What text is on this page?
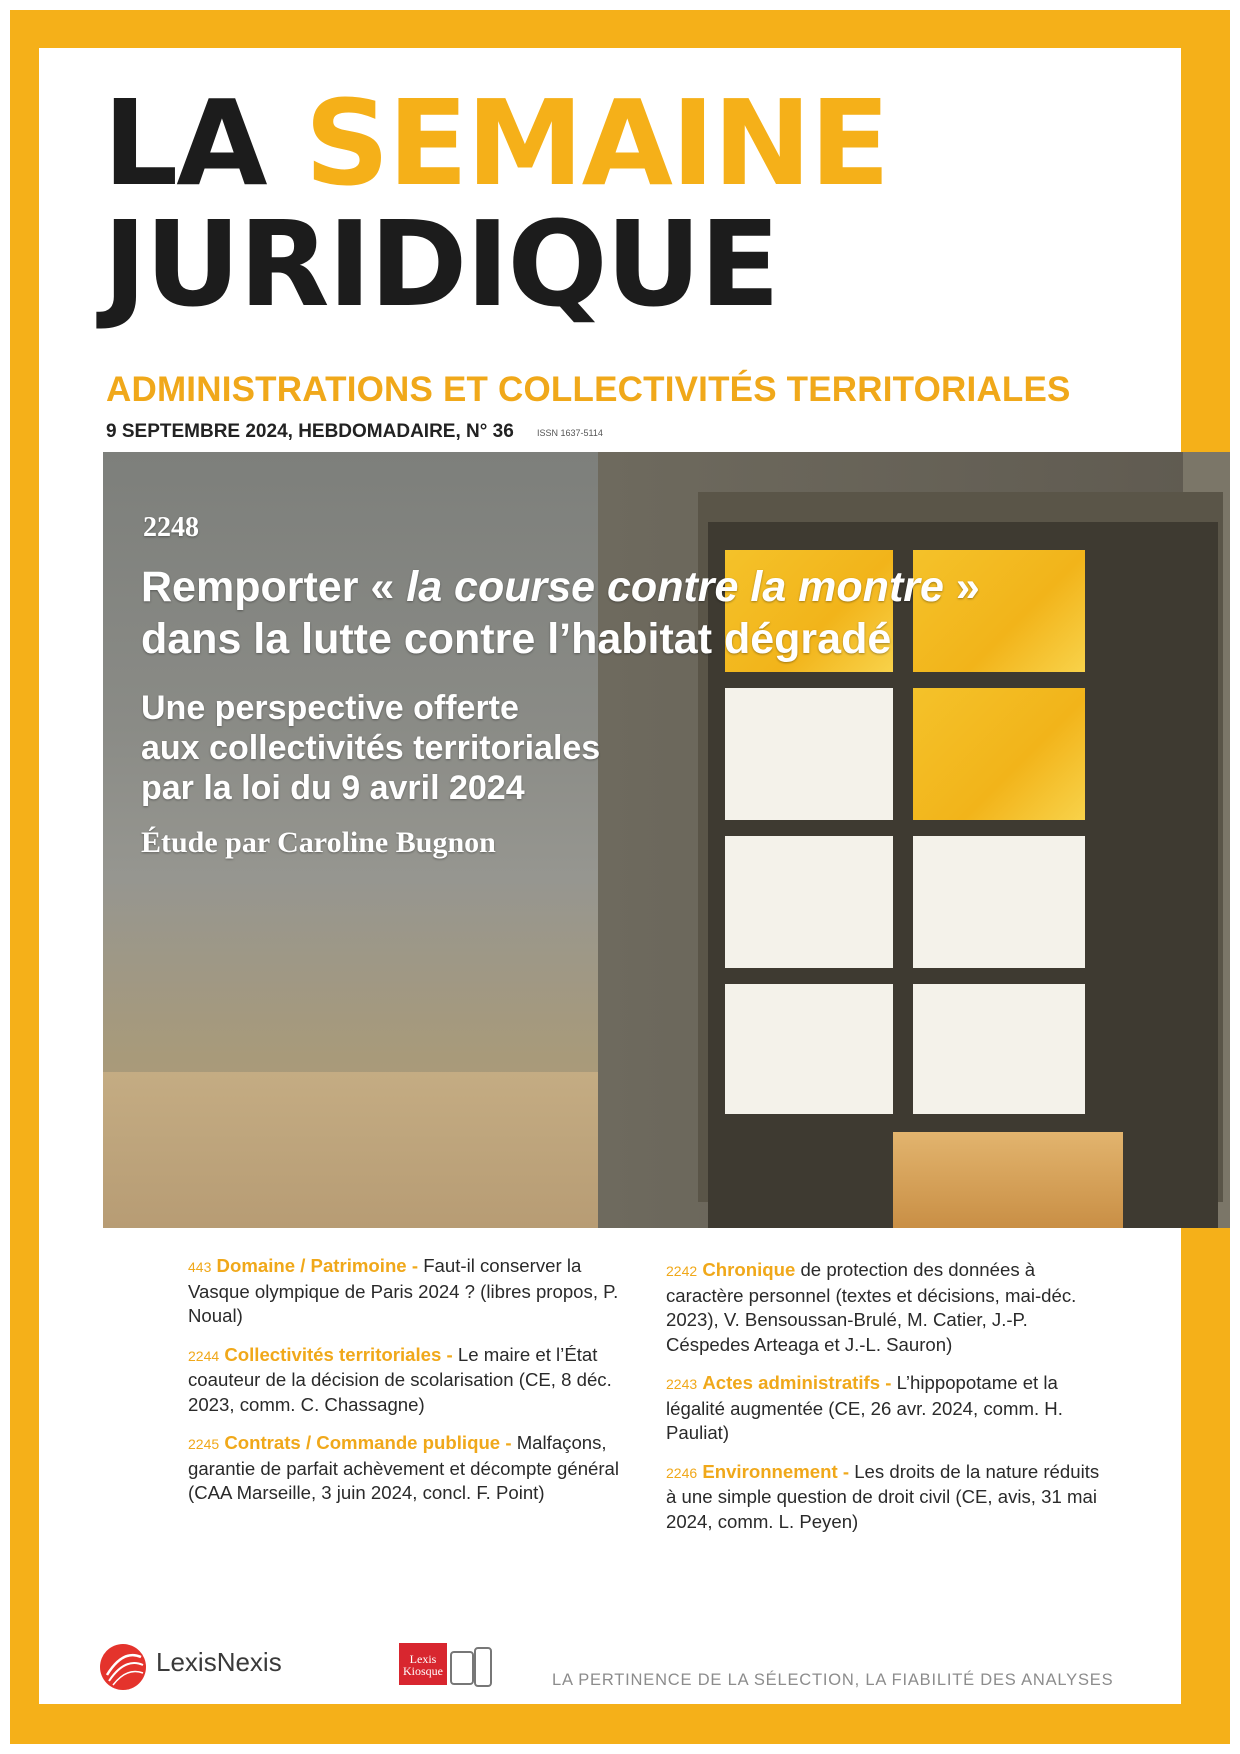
LA SEMAINE
JURIDIQUE
ADMINISTRATIONS ET COLLECTIVITÉS TERRITORIALES
9 SEPTEMBRE 2024, HEBDOMADAIRE, N° 36	ISSN 1637-5114
2248
Remporter « la course contre la montre »
dans la lutte contre l’habitat dégradé
Une perspective offerte
aux collectivités territoriales
par la loi du 9 avril 2024
Étude par Caroline Bugnon
443 Domaine / Patrimoine - Faut-il conserver la Vasque olympique de Paris 2024 ? (libres propos, P. Noual)
2244 Collectivités territoriales - Le maire et l’État coauteur de la décision de scolarisation (CE, 8 déc. 2023, comm. C. Chassagne)
2245 Contrats / Commande publique - Malfaçons, garantie de parfait achèvement et décompte général (CAA Marseille, 3 juin 2024, concl. F. Point)
2242 Chronique de protection des données à caractère personnel (textes et décisions, mai-déc. 2023), V. Bensoussan-Brulé, M. Catier, J.-P. Céspedes Arteaga et J.-L. Sauron)
2243 Actes administratifs - L’hippopotame et la légalité augmentée (CE, 26 avr. 2024, comm. H. Pauliat)
2246 Environnement - Les droits de la nature réduits à une simple question de droit civil (CE, avis, 31 mai 2024, comm. L. Peyen)
LexisNexis	Lexis
Kiosque	LA PERTINENCE DE LA SÉLECTION, LA FIABILITÉ DES ANALYSES
